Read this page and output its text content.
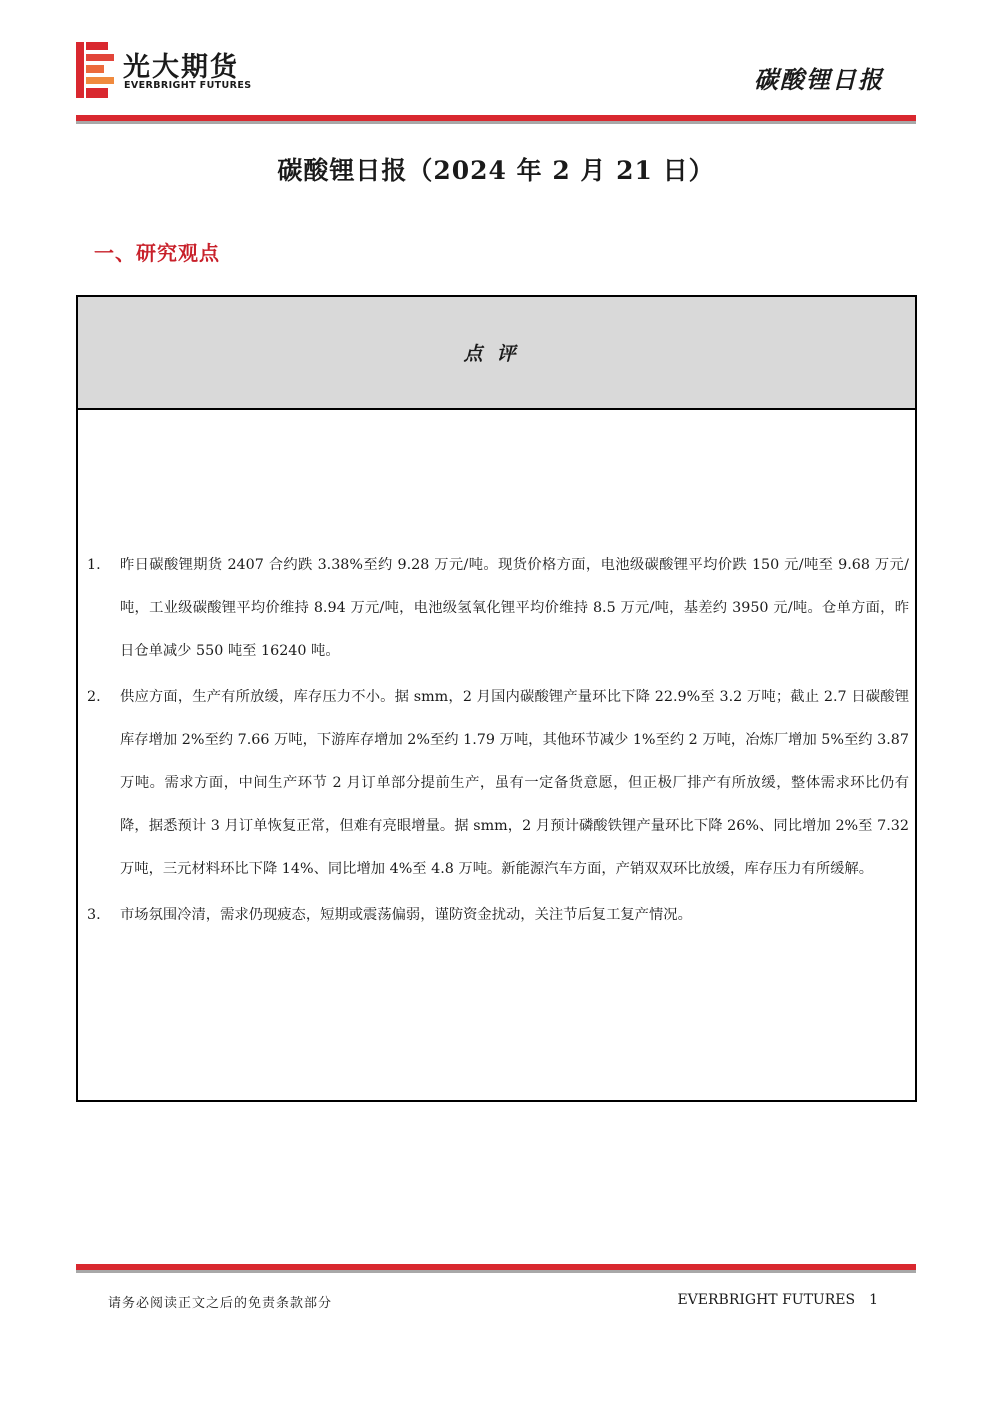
光大期货
EVERBRIGHT FUTURES	碳酸锂日报
碳酸锂日报（2024 年 2 月 21 日）
一、研究观点
点评
1. 昨日碳酸锂期货 2407 合约跌 3.38%至约 9.28 万元/吨。现货价格方面，电池级碳酸锂平均价跌 150 元/吨至 9.68 万元/吨，工业级碳酸锂平均价维持 8.94 万元/吨，电池级氢氧化锂平均价维持 8.5 万元/吨，基差约 3950 元/吨。仓单方面，昨日仓单减少 550 吨至 16240 吨。
2. 供应方面，生产有所放缓，库存压力不小。据 smm，2 月国内碳酸锂产量环比下降 22.9%至 3.2 万吨；截止 2.7 日碳酸锂库存增加 2%至约 7.66 万吨，下游库存增加 2%至约 1.79 万吨，其他环节减少 1%至约 2 万吨，冶炼厂增加 5%至约 3.87 万吨。需求方面，中间生产环节 2 月订单部分提前生产，虽有一定备货意愿，但正极厂排产有所放缓，整体需求环比仍有降，据悉预计 3 月订单恢复正常，但难有亮眼增量。据 smm，2 月预计磷酸铁锂产量环比下降 26%、同比增加 2%至 7.32 万吨，三元材料环比下降 14%、同比增加 4%至 4.8 万吨。新能源汽车方面，产销双双环比放缓，库存压力有所缓解。
3. 市场氛围冷清，需求仍现疲态，短期或震荡偏弱，谨防资金扰动，关注节后复工复产情况。
请务必阅读正文之后的免责条款部分	EVERBRIGHT FUTURES 1
